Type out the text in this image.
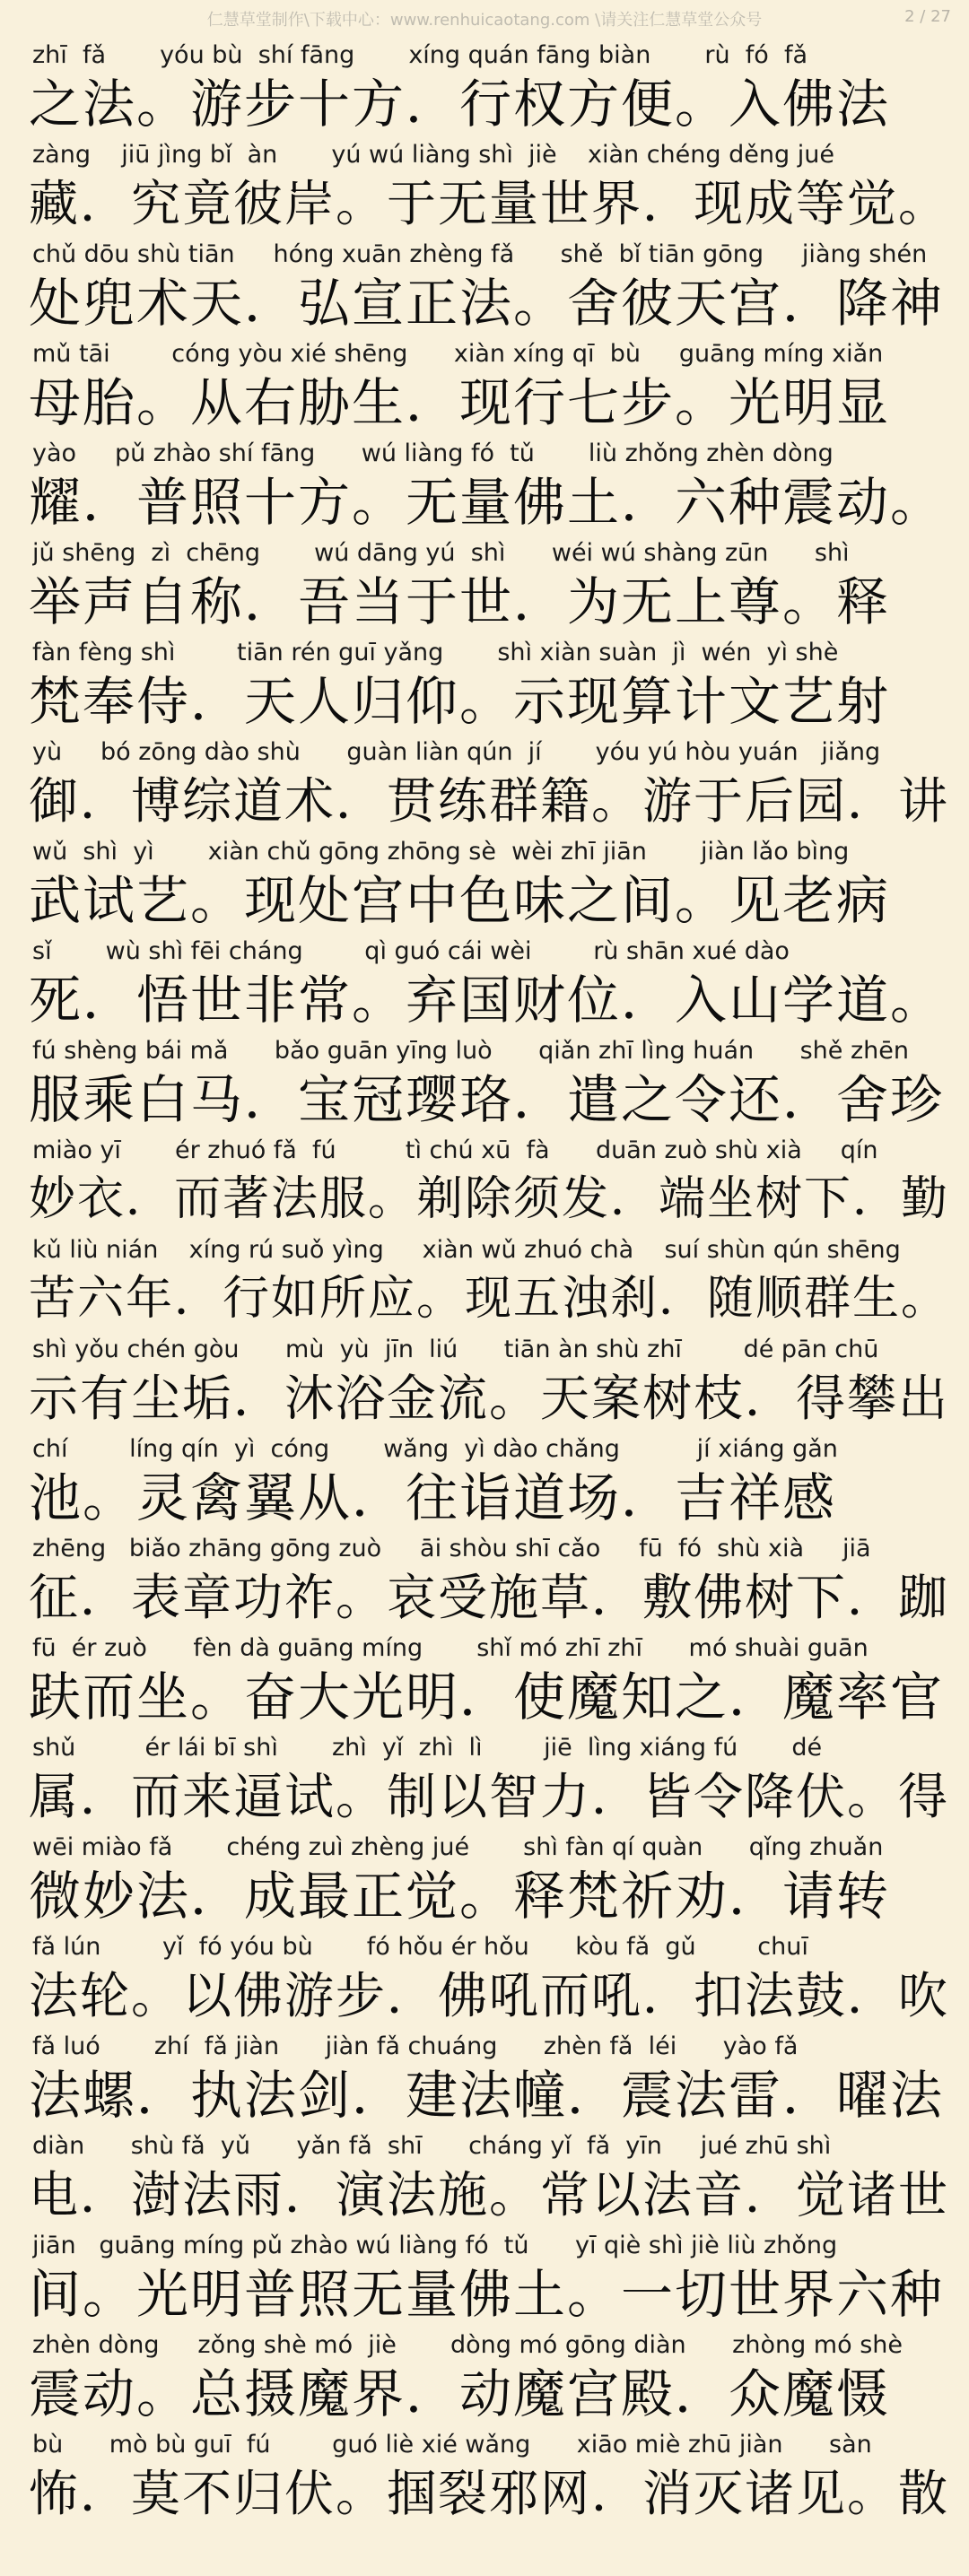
仁慧草堂制作\下载中心：www.renhuicaotang.com \请关注仁慧草堂公众号	2 / 27
zhī  fǎ       yóu bù  shí fāng       xíng quán fāng biàn       rù  fó  fǎ
之法。游步十方．行权方便。入佛法
zàng    jiū jìng bǐ  àn       yú wú liàng shì  jiè    xiàn chéng děng jué
藏．究竟彼岸。于无量世界．现成等觉。
chǔ dōu shù tiān     hóng xuān zhèng fǎ      shě  bǐ tiān gōng     jiàng shén
处兜术天．弘宣正法。舍彼天宫．降神
mǔ tāi        cóng yòu xié shēng      xiàn xíng qī  bù     guāng míng xiǎn
母胎。从右胁生．现行七步。光明显
yào     pǔ zhào shí fāng      wú liàng fó  tǔ       liù zhǒng zhèn dòng
耀．普照十方。无量佛土．六种震动。
jǔ shēng  zì  chēng       wú dāng yú  shì      wéi wú shàng zūn      shì
举声自称．吾当于世．为无上尊。释
fàn fèng shì        tiān rén guī yǎng       shì xiàn suàn  jì  wén  yì shè
梵奉侍．天人归仰。示现算计文艺射
yù     bó zōng dào shù      guàn liàn qún  jí       yóu yú hòu yuán   jiǎng
御．博综道术．贯练群籍。游于后园．讲
wǔ  shì  yì       xiàn chǔ gōng zhōng sè  wèi zhī jiān       jiàn lǎo bìng
武试艺。现处宫中色味之间。见老病
sǐ       wù shì fēi cháng        qì guó cái wèi        rù shān xué dào
死．悟世非常。弃国财位．入山学道。
fú shèng bái mǎ      bǎo guān yīng luò      qiǎn zhī lìng huán      shě zhēn
服乘白马．宝冠璎珞．遣之令还．舍珍
miào yī       ér zhuó fǎ  fú         tì chú xū  fà      duān zuò shù xià     qín
妙衣．而著法服。剃除须发．端坐树下．勤
kǔ liù nián    xíng rú suǒ yìng     xiàn wǔ zhuó chà    suí shùn qún shēng
苦六年．行如所应。现五浊刹．随顺群生。
shì yǒu chén gòu      mù  yù  jīn  liú      tiān àn shù zhī        dé pān chū
示有尘垢．沐浴金流。天案树枝．得攀出
chí        líng qín  yì  cóng       wǎng  yì dào chǎng          jí xiáng gǎn
池。灵禽翼从．往诣道场．吉祥感
zhēng   biǎo zhāng gōng zuò     āi shòu shī cǎo     fū  fó  shù xià     jiā
征．表章功祚。哀受施草．敷佛树下．跏
fū  ér zuò      fèn dà guāng míng       shǐ mó zhī zhī      mó shuài guān
趺而坐。奋大光明．使魔知之．魔率官
shǔ         ér lái bī shì       zhì  yǐ  zhì  lì        jiē  lìng xiáng fú       dé
属．而来逼试。制以智力．皆令降伏。得
wēi miào fǎ       chéng zuì zhèng jué       shì fàn qí quàn      qǐng zhuǎn
微妙法．成最正觉。释梵祈劝．请转
fǎ lún        yǐ  fó yóu bù       fó hǒu ér hǒu      kòu fǎ  gǔ        chuī
法轮。以佛游步．佛吼而吼．扣法鼓．吹
fǎ luó       zhí  fǎ jiàn      jiàn fǎ chuáng      zhèn fǎ  léi      yào fǎ
法螺．执法剑．建法幢．震法雷．曜法
diàn      shù fǎ  yǔ      yǎn fǎ  shī      cháng yǐ  fǎ  yīn     jué zhū shì
电．澍法雨．演法施。常以法音．觉诸世
jiān   guāng míng pǔ zhào wú liàng fó  tǔ      yī qiè shì jiè liù zhǒng
间。光明普照无量佛土。一切世界六种
zhèn dòng     zǒng shè mó  jiè       dòng mó gōng diàn      zhòng mó shè
震动。总摄魔界．动魔宫殿．众魔慑
bù      mò bù guī  fú        guó liè xié wǎng      xiāo miè zhū jiàn      sàn
怖．莫不归伏。掴裂邪网．消灭诸见。散
